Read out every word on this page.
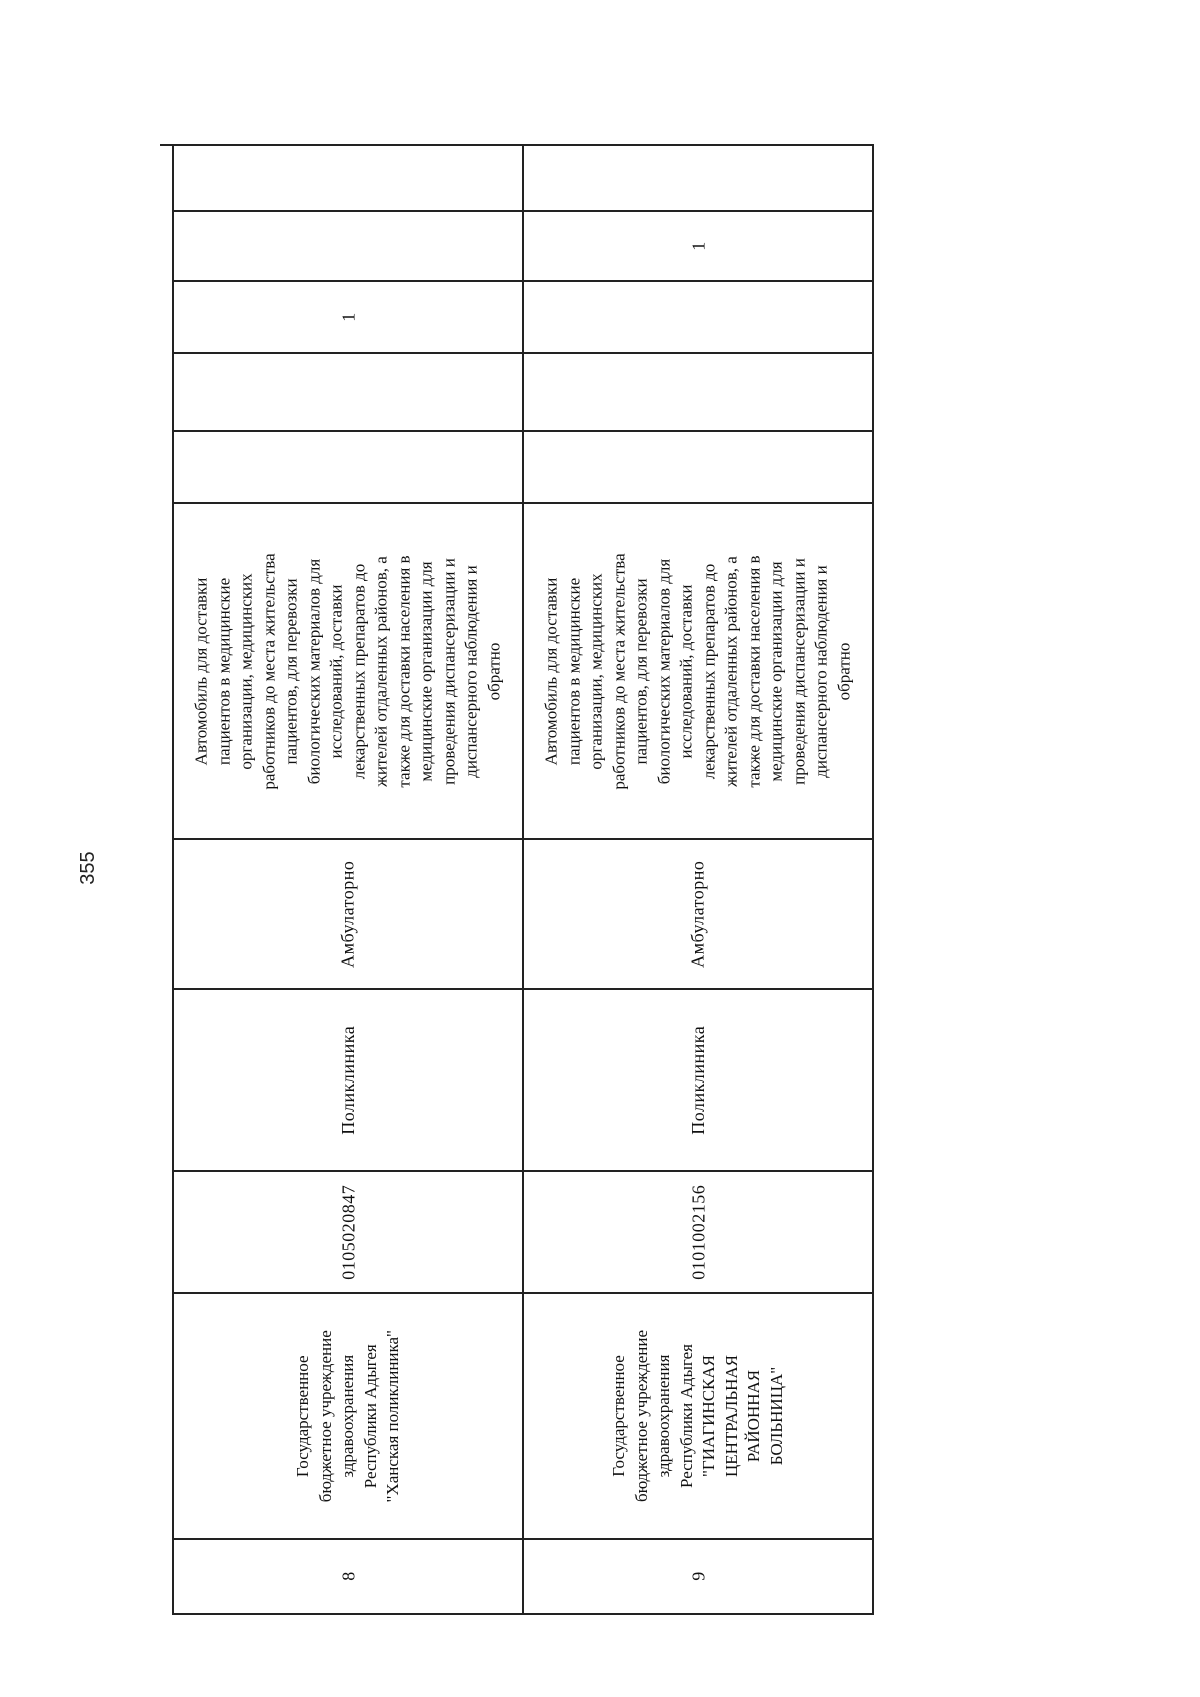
355
8
Государственное бюджетное учреждение здравоохранения Республики Адыгея "Ханская поликлиника"
0105020847
Поликлиника
Амбулаторно
Автомобиль для доставки пациентов в медицинские организации, медицинских работников до места жительства пациентов, для перевозки биологических материалов для исследований, доставки лекарственных препаратов до жителей отдаленных районов, а также для доставки населения в медицинские организации для проведения диспансеризации и диспансерного наблюдения и обратно
1
9
Государственное бюджетное учреждение здравоохранения Республики Адыгея "ГИАГИНСКАЯ ЦЕНТРАЛЬНАЯ РАЙОННАЯ БОЛЬНИЦА"
0101002156
Поликлиника
Амбулаторно
Автомобиль для доставки пациентов в медицинские организации, медицинских работников до места жительства пациентов, для перевозки биологических материалов для исследований, доставки лекарственных препаратов до жителей отдаленных районов, а также для доставки населения в медицинские организации для проведения диспансеризации и диспансерного наблюдения и обратно
1
